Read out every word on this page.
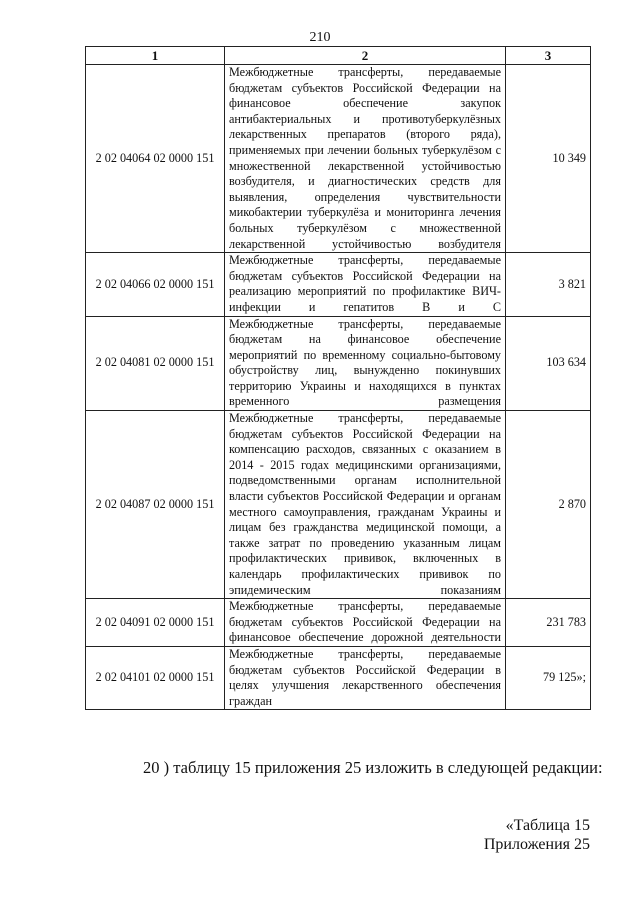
210
1	2	3
2 02 04064 02 0000 151	Межбюджетные трансферты, передаваемые бюджетам субъектов Российской Федерации на финансовое обеспечение закупок антибактериальных и противотуберкулёзных лекарственных препаратов (второго ряда), применяемых при лечении больных туберкулёзом с множественной лекарственной устойчивостью возбудителя, и диагностических средств для выявления, определения чувствительности микобактерии туберкулёза и мониторинга лечения больных туберкулёзом с множественной лекарственной устойчивостью возбудителя	10 349
2 02 04066 02 0000 151	Межбюджетные трансферты, передаваемые бюджетам субъектов Российской Федерации на реализацию мероприятий по профилактике ВИЧ-инфекции и гепатитов В и С	3 821
2 02 04081 02 0000 151	Межбюджетные трансферты, передаваемые бюджетам на финансовое обеспечение мероприятий по временному социально-бытовому обустройству лиц, вынужденно покинувших территорию Украины и находящихся в пунктах временного размещения	103 634
2 02 04087 02 0000 151	Межбюджетные трансферты, передаваемые бюджетам субъектов Российской Федерации на компенсацию расходов, связанных с оказанием в 2014 - 2015 годах медицинскими организациями, подведомственными органам исполнительной власти субъектов Российской Федерации и органам местного самоуправления, гражданам Украины и лицам без гражданства медицинской помощи, а также затрат по проведению указанным лицам профилактических прививок, включенных в календарь профилактических прививок по эпидемическим показаниям	2 870
2 02 04091 02 0000 151	Межбюджетные трансферты, передаваемые бюджетам субъектов Российской Федерации на финансовое обеспечение дорожной деятельности	231 783
2 02 04101 02 0000 151	Межбюджетные трансферты, передаваемые бюджетам субъектов Российской Федерации в целях улучшения лекарственного обеспечения граждан	79 125»;
20 ) таблицу 15 приложения 25 изложить в следующей редакции:
«Таблица 15
Приложения 25
